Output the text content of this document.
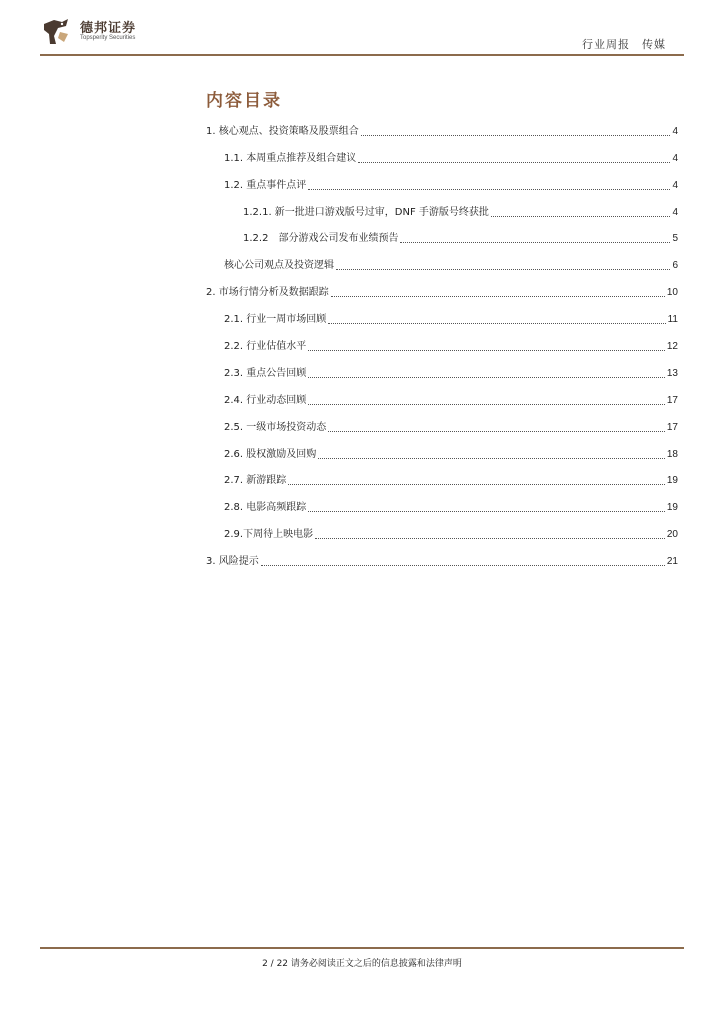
德邦证券
Topsperity Securities	行业周报 传媒
内容目录
1. 核心观点、投资策略及股票组合	4
1.1. 本周重点推荐及组合建议	4
1.2. 重点事件点评	4
1.2.1. 新一批进口游戏版号过审，DNF 手游版号终获批	4
1.2.2　部分游戏公司发布业绩预告	5
核心公司观点及投资逻辑	6
2. 市场行情分析及数据跟踪	10
2.1. 行业一周市场回顾	11
2.2. 行业估值水平	12
2.3. 重点公告回顾	13
2.4. 行业动态回顾	17
2.5. 一级市场投资动态	17
2.6. 股权激励及回购	18
2.7. 新游跟踪	19
2.8. 电影高频跟踪	19
2.9.下周待上映电影	20
3. 风险提示	21
2 / 22 请务必阅读正文之后的信息披露和法律声明
